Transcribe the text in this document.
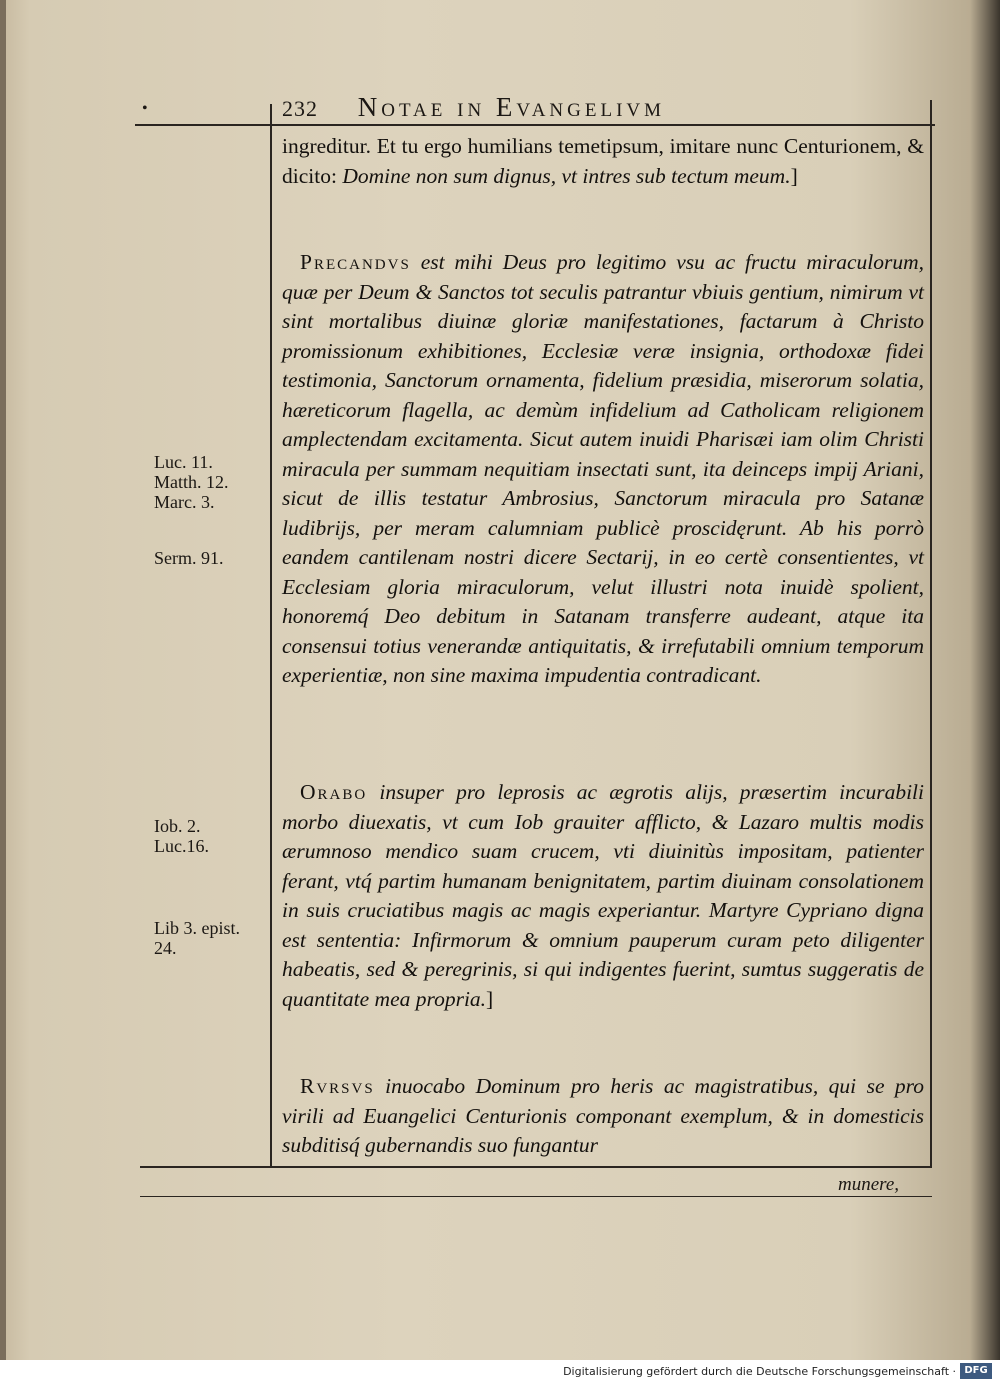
•	232 Notae in Evangelivm
Luc. 11.
Matth. 12.
Marc. 3.
Serm. 91.
Iob. 2.
Luc.16.
Lib 3. epist.
24.

ingreditur. Et tu ergo humilians temetipsum, imitare nunc Centurionem, & dicito: Domine non sum dignus, vt intres sub tectum meum.]

Precandvs est mihi Deus pro legitimo vsu ac fructu miraculorum, quæ per Deum & Sanctos tot seculis patrantur vbiuis gentium, nimirum vt sint mortalibus diuinæ gloriæ manifestationes, factarum à Christo promissionum exhibitiones, Ecclesiæ veræ insignia, orthodoxæ fidei testimonia, Sanctorum ornamenta, fidelium præsidia, miserorum solatia, hæreticorum flagella, ac demùm infidelium ad Catholicam religionem amplectendam excitamenta. Sicut autem inuidi Pharisæi iam olim Christi miracula per summam nequitiam insectati sunt, ita deinceps impij Ariani, sicut de illis testatur Ambrosius, Sanctorum miracula pro Satanæ ludibrijs, per meram calumniam publicè proscidęrunt. Ab his porrò eandem cantilenam nostri dicere Sectarij, in eo certè consentientes, vt Ecclesiam gloria miraculorum, velut illustri nota inuidè spolient, honoremq́ Deo debitum in Satanam transferre audeant, atque ita consensui totius venerandæ antiquitatis, & irrefutabili omnium temporum experientiæ, non sine maxima impudentia contradicant.

Orabo insuper pro leprosis ac ægrotis alijs, præsertim incurabili morbo diuexatis, vt cum Iob grauiter afflicto, & Lazaro multis modis ærumnoso mendico suam crucem, vti diuinitùs impositam, patienter ferant, vtq́ partim humanam benignitatem, partim diuinam consolationem in suis cruciatibus magis ac magis experiantur. Martyre Cypriano digna est sententia: Infirmorum & omnium pauperum curam peto diligenter habeatis, sed & peregrinis, si qui indigentes fuerint, sumtus suggeratis de quantitate mea propria.]

Rvrsvs inuocabo Dominum pro heris ac magistratibus, qui se pro virili ad Euangelici Centurionis componant exemplum, & in domesticis subditisq́ gubernandis suo fungantur

munere,
Digitalisierung gefördert durch die Deutsche Forschungsgemeinschaft · DFG
